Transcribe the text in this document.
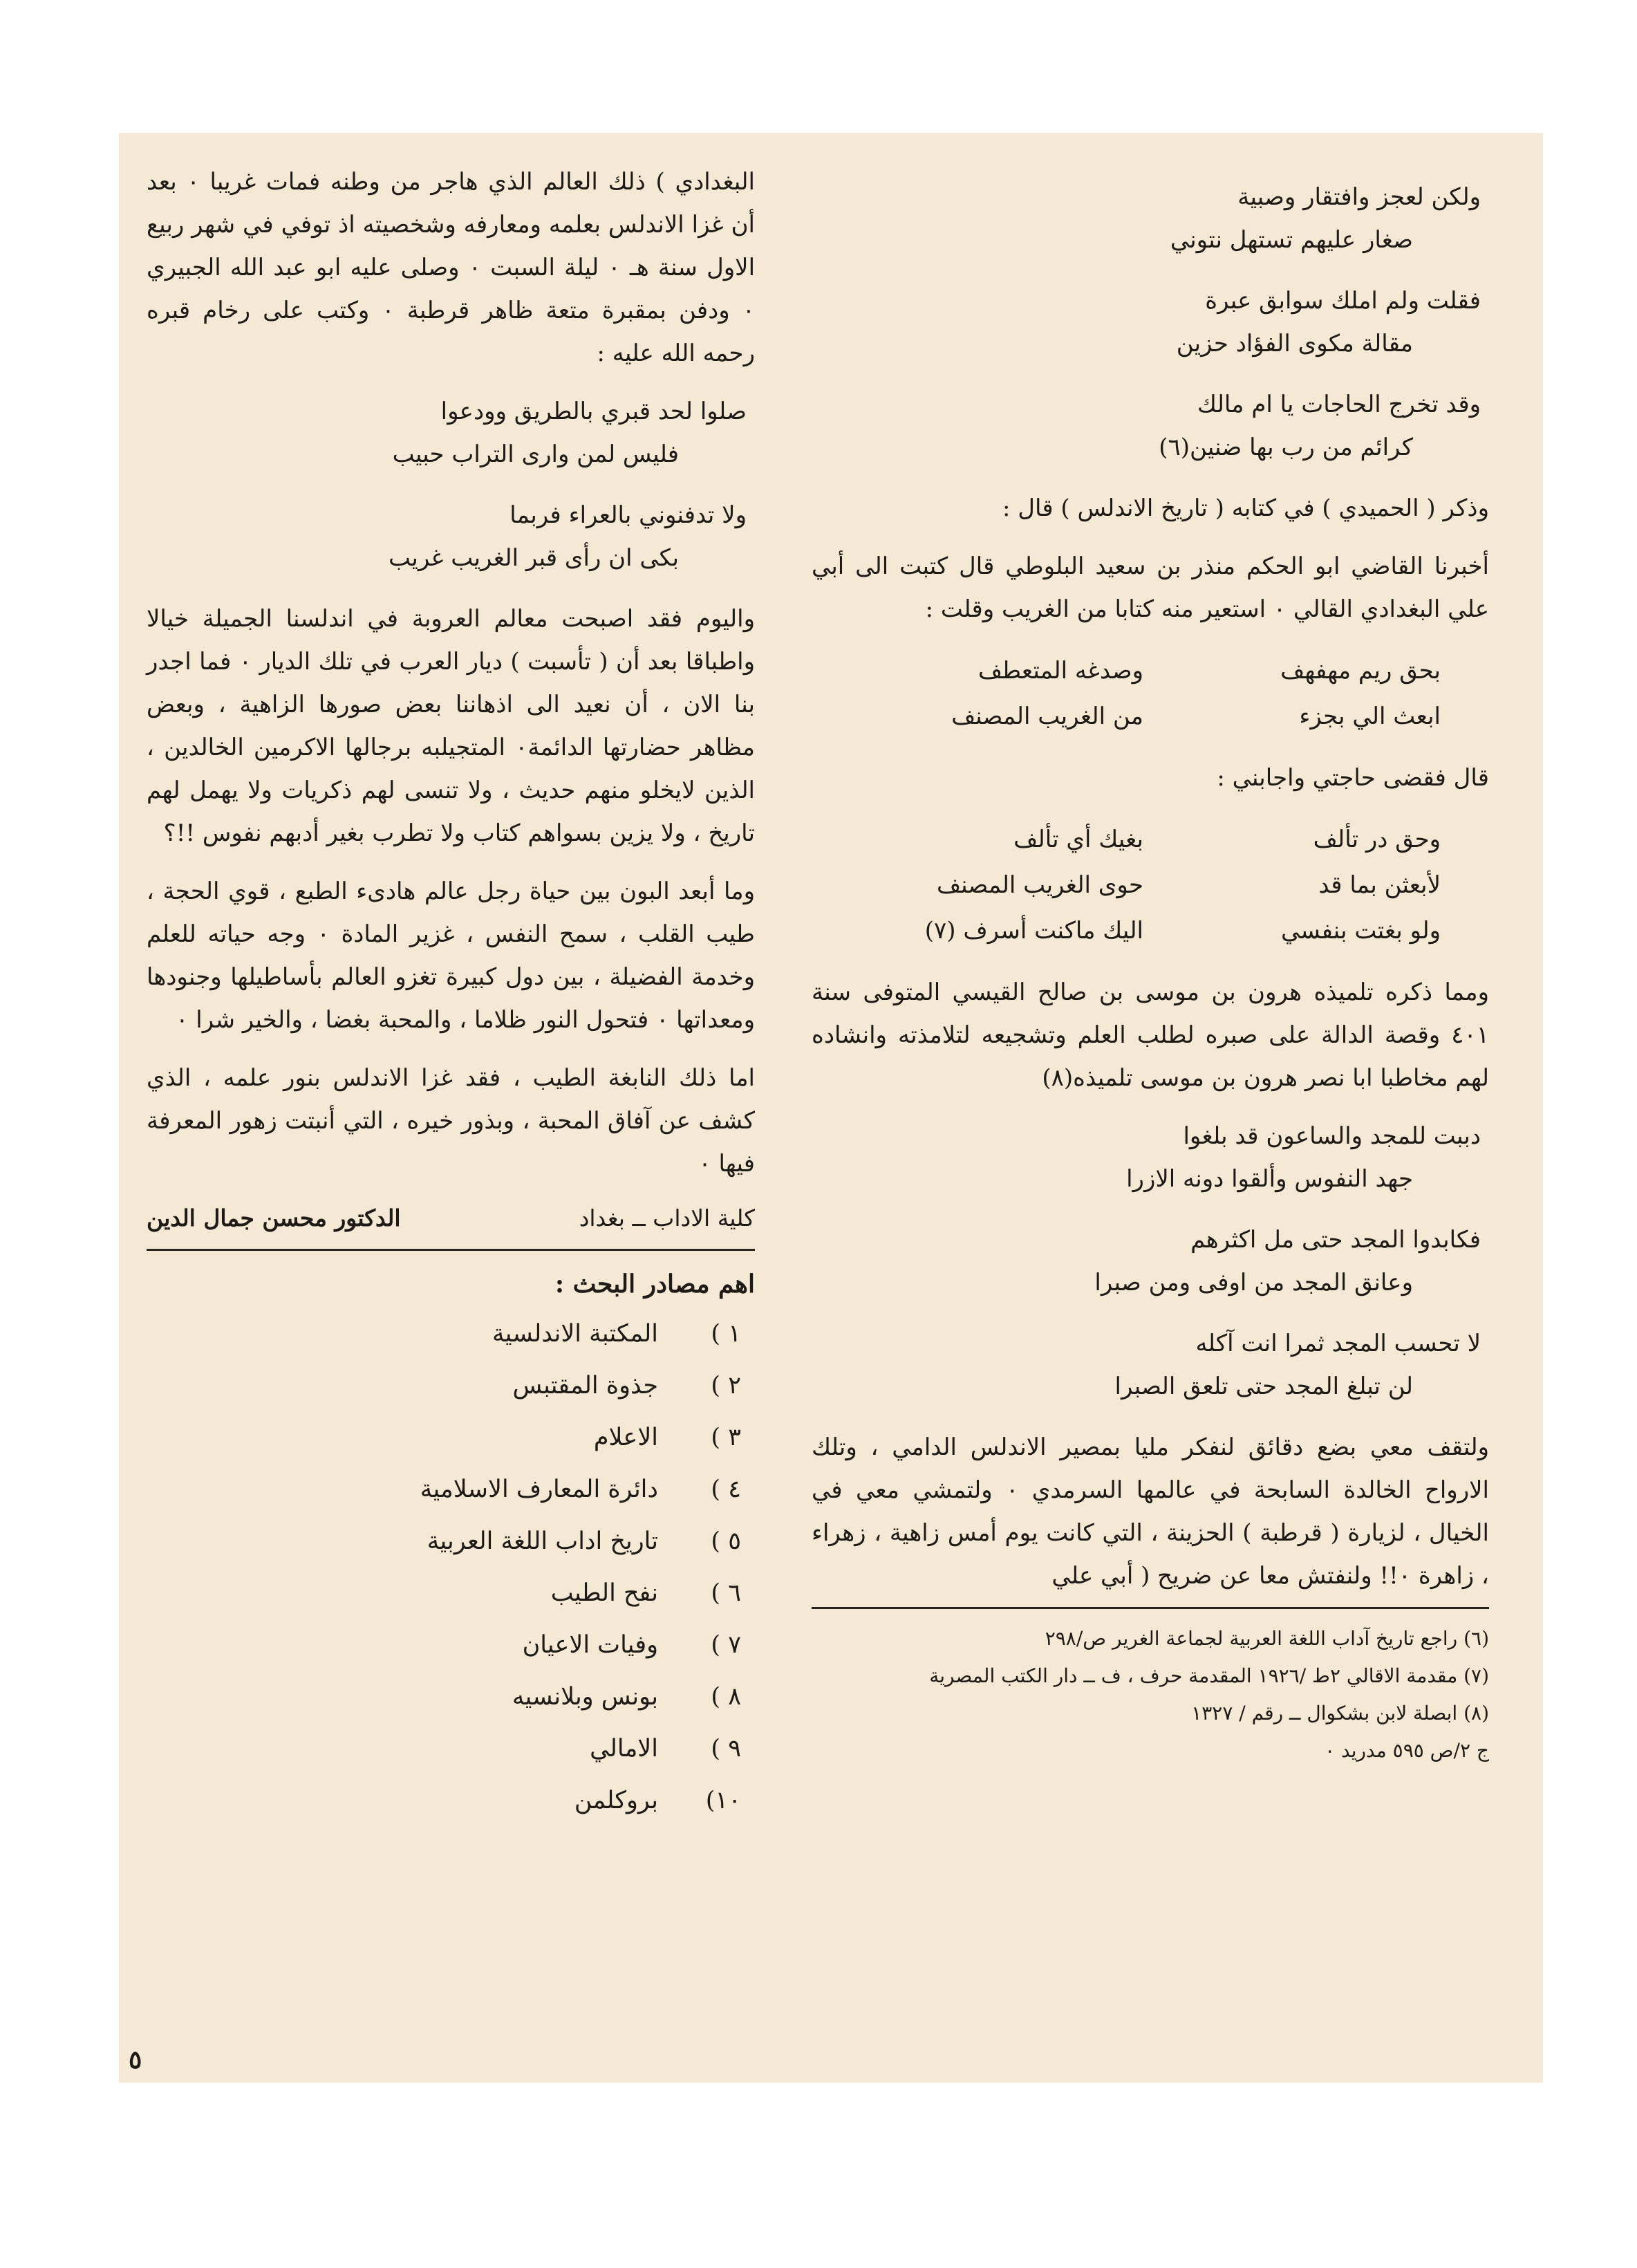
ولكن لعجز وافتقار وصبية
صغار عليهم تستهل نتوني
فقلت ولم املك سوابق عبرة
مقالة مكوى الفؤاد حزين
وقد تخرج الحاجات يا ام مالك
كرائم من رب بها ضنين(٦)

وذكر ( الحميدي ) في كتابه ( تاريخ الاندلس ) قال :

أخبرنا القاضي ابو الحكم منذر بن سعيد البلوطي قال كتبت الى أبي علي البغدادي القالي ٠ استعير منه كتابا من الغريب وقلت :

بحق ريم مهفهف
وصدغه المتعطف
ابعث الي بجزء
من الغريب المصنف

قال فقضى حاجتي واجابني :

وحق در تألف
بغيك أي تألف
لأبعثن بما قد
حوى الغريب المصنف
ولو بغتت بنفسي
اليك ماكنت أسرف (٧)

ومما ذكره تلميذه هرون بن موسى بن صالح القيسي المتوفى سنة ٤٠١ وقصة الدالة على صبره لطلب العلم وتشجيعه لتلامذته وانشاده لهم مخاطبا ابا نصر هرون بن موسى تلميذه(٨)

دببت للمجد والساعون قد بلغوا
جهد النفوس وألقوا دونه الازرا
فكابدوا المجد حتى مل اكثرهم
وعانق المجد من اوفى ومن صبرا
لا تحسب المجد ثمرا انت آكله
لن تبلغ المجد حتى تلعق الصبرا

ولتقف معي بضع دقائق لنفكر مليا بمصير الاندلس الدامي ، وتلك الارواح الخالدة السابحة في عالمها السرمدي ٠ ولتمشي معي في الخيال ، لزيارة ( قرطبة ) الحزينة ، التي كانت يوم أمس زاهية ، زهراء ، زاهرة ٠!! ولنفتش معا عن ضريح ( أبي علي

(٦) راجع تاريخ آداب اللغة العربية لجماعة الغرير ص/٢٩٨
(٧) مقدمة الاقالي ٢ط /١٩٢٦ المقدمة حرف ، ف ــ دار الكتب المصرية
(٨) ابصلة لابن بشكوال ــ رقم / ١٣٢٧
ج ٢/ص ٥٩٥ مدريد ٠

البغدادي ) ذلك العالم الذي هاجر من وطنه فمات غريبا ٠ بعد أن غزا الاندلس بعلمه ومعارفه وشخصيته اذ توفي في شهر ربيع الاول سنة هـ ٠ ليلة السبت ٠ وصلى عليه ابو عبد الله الجبيري ٠ ودفن بمقبرة متعة ظاهر قرطبة ٠ وكتب على رخام قبره رحمه الله عليه :

صلوا لحد قبري بالطريق وودعوا
فليس لمن وارى التراب حبيب
ولا تدفنوني بالعراء فربما
بكى ان رأى قبر الغريب غريب

واليوم فقد اصبحت معالم العروبة في اندلسنا الجميلة خيالا واطباقا بعد أن ( تأسبت ) ديار العرب في تلك الديار ٠ فما اجدر بنا الان ، أن نعيد الى اذهاننا بعض صورها الزاهية ، وبعض مظاهر حضارتها الدائمة٠ المتجيلبه برجالها الاكرمين الخالدين ، الذين لايخلو منهم حديث ، ولا تنسى لهم ذكريات ولا يهمل لهم تاريخ ، ولا يزين بسواهم كتاب ولا تطرب بغير أدبهم نفوس !!؟

وما أبعد البون بين حياة رجل عالم هادىء الطبع ، قوي الحجة ، طيب القلب ، سمح النفس ، غزير المادة ٠ وجه حياته للعلم وخدمة الفضيلة ، بين دول كبيرة تغزو العالم بأساطيلها وجنودها ومعداتها ٠ فتحول النور ظلاما ، والمحبة بغضا ، والخير شرا ٠

اما ذلك النابغة الطيب ، فقد غزا الاندلس بنور علمه ، الذي كشف عن آفاق المحبة ، وبذور خيره ، التي أنبتت زهور المعرفة فيها ٠

كلية الاداب ــ بغداد
الدكتور محسن جمال الدين
اهم مصادر البحث :
١ )
المكتبة الاندلسية
٢ )
جذوة المقتبس
٣ )
الاعلام
٤ )
دائرة المعارف الاسلامية
٥ )
تاريخ اداب اللغة العربية
٦ )
نفح الطيب
٧ )
وفيات الاعيان
٨ )
بونس وبلانسيه
٩ )
الامالي
١٠)
بروكلمن
٥
